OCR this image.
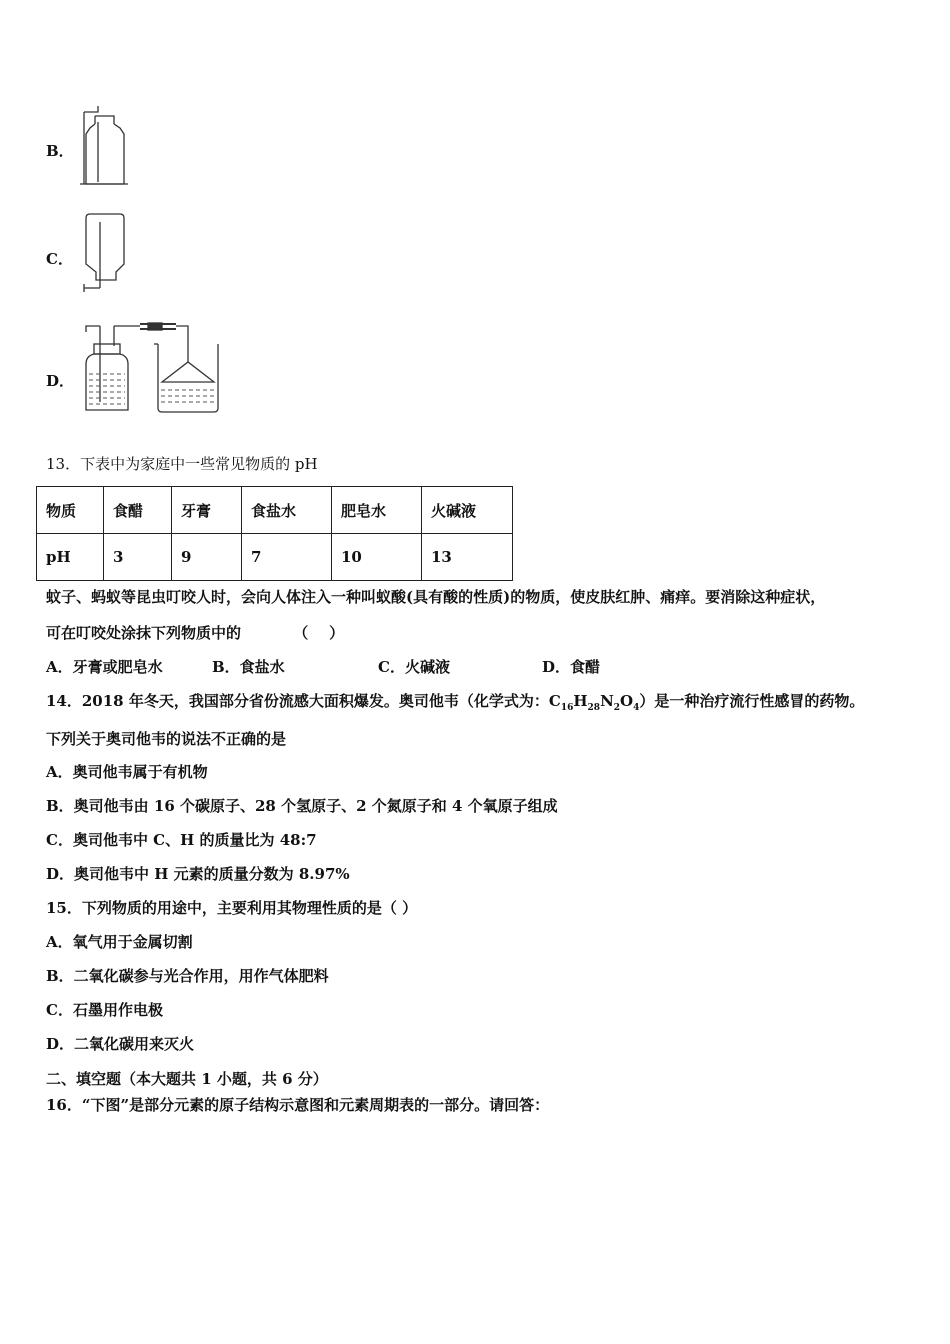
B．
C．
D．
13．下表中为家庭中一些常见物质的 pH
物质	食醋	牙膏	食盐水	肥皂水	火碱液
pH	3	9	7	10	13
蚊子、蚂蚁等昆虫叮咬人时，会向人体注入一种叫蚁酸(具有酸的性质)的物质，使皮肤红肿、痛痒。要消除这种症状，
可在叮咬处涂抹下列物质中的          （    ）
A．牙膏或肥皂水	B．食盐水	C．火碱液	D．食醋
14．2018 年冬天，我国部分省份流感大面积爆发。奥司他韦（化学式为：$C_{16}H_{28}N_2O_4$）是一种治疗流行性感冒的药物。
下列关于奥司他韦的说法不正确的是
A．奥司他韦属于有机物
B．奥司他韦由 16 个碳原子、28 个氢原子、2 个氮原子和 4 个氧原子组成
C．奥司他韦中 C、H 的质量比为 48:7
D．奥司他韦中 H 元素的质量分数为 8.97%
15．下列物质的用途中，主要利用其物理性质的是（ ）
A．氧气用于金属切割
B．二氧化碳参与光合作用，用作气体肥料
C．石墨用作电极
D．二氧化碳用来灭火
二、填空题（本大题共 1 小题，共 6 分）
16．“下图”是部分元素的原子结构示意图和元素周期表的一部分。请回答：
